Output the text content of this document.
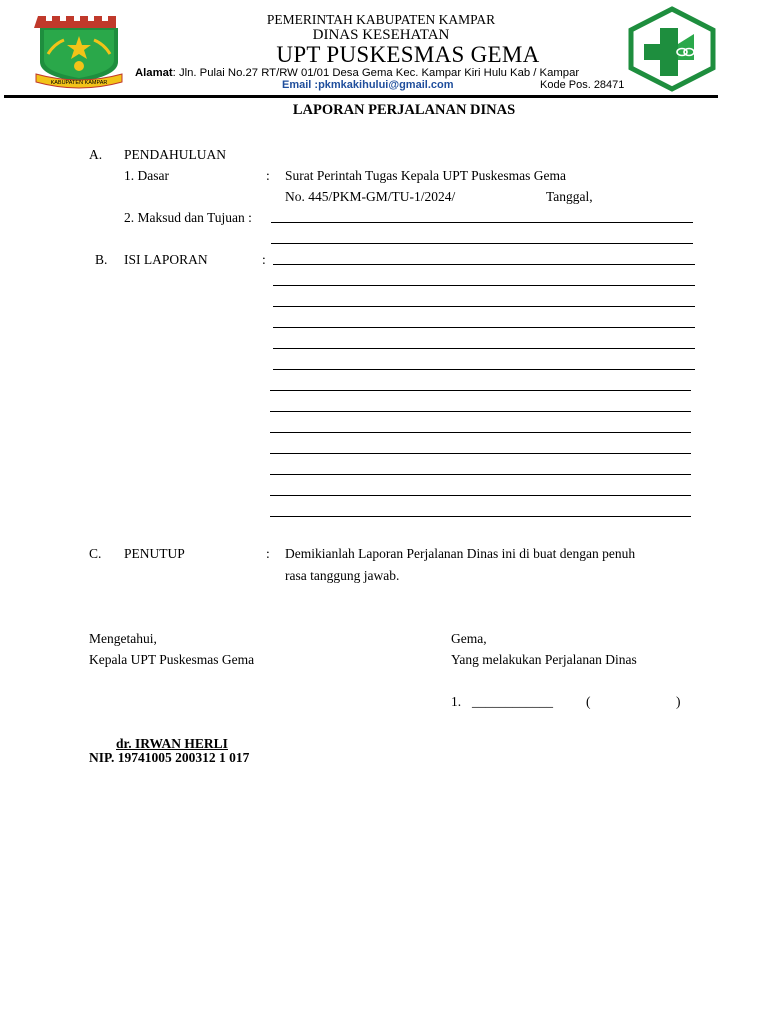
KABUPATEN KAMPAR
PEMERINTAH KABUPATEN KAMPAR
DINAS KESEHATAN
UPT PUSKESMAS GEMA
Alamat: Jln. Pulai No.27 RT/RW 01/01 Desa Gema Kec. Kampar Kiri Hulu Kab / Kampar
Email :pkmkakihului@gmail.com	Kode Pos. 28471
LAPORAN PERJALANAN DINAS
A. PENDAHULUAN
1. Dasar	: Surat Perintah Tugas Kepala UPT Puskesmas Gema
No. 445/PKM-GM/TU-1/2024/	Tanggal,
2. Maksud dan Tujuan :
B. ISI LAPORAN	:
C. PENUTUP	: Demikianlah Laporan Perjalanan Dinas ini di buat dengan penuh
rasa tanggung jawab.
Mengetahui,
Kepala UPT Puskesmas Gema
dr. IRWAN HERLI
NIP. 19741005 200312 1 017
Gema,
Yang melakukan Perjalanan Dinas
1. ____________ (	)
